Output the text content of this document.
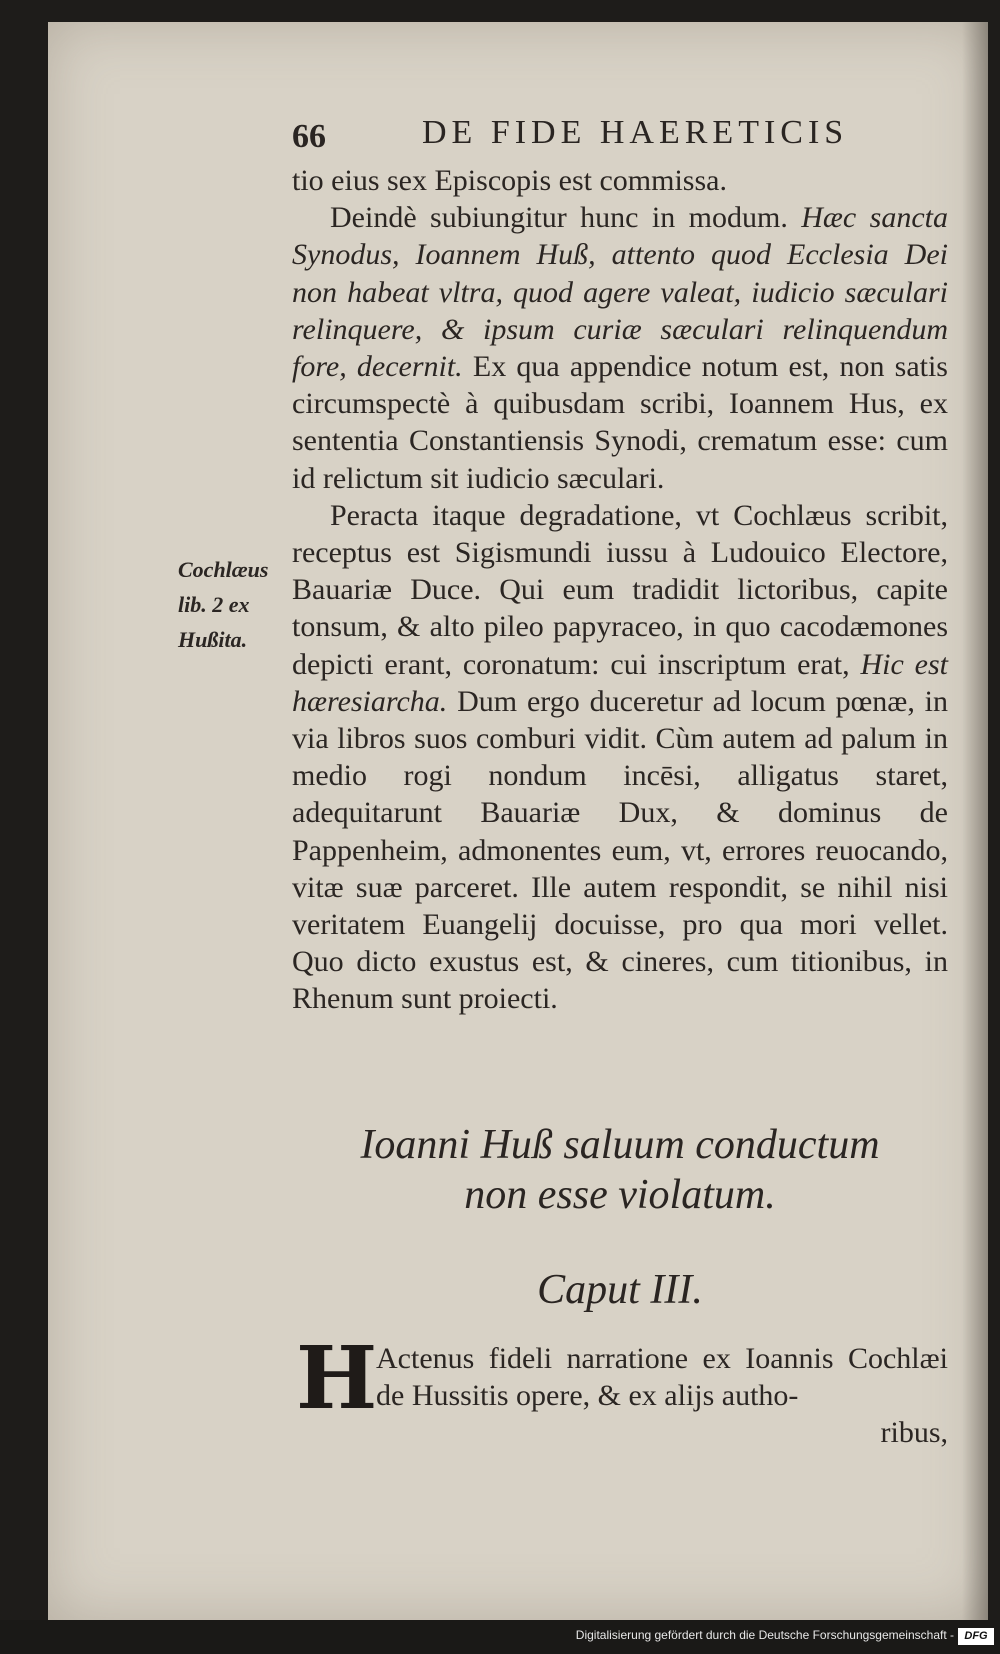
66	DE FIDE HAERETICIS
Cochlæus
lib. 2 ex
Hußita.

tio eius sex Episcopis est commissa.

Deindè subiungitur hunc in modum. Hæc sancta Synodus, Ioannem Huß, attento quod Ecclesia Dei non habeat vltra, quod agere valeat, iudicio sæculari relinquere, & ipsum curiæ sæculari relinquendum fore, decernit. Ex qua appendice notum est, non satis circumspectè à quibusdam scribi, Ioannem Hus, ex sententia Constantiensis Synodi, crematum esse: cum id relictum sit iudicio sæculari.

Peracta itaque degradatione, vt Cochlæus scribit, receptus est Sigismundi iussu à Ludouico Electore, Bauariæ Duce. Qui eum tradidit lictoribus, capite tonsum, & alto pileo papyraceo, in quo cacodæmones depicti erant, coronatum: cui inscriptum erat, Hic est hæresiarcha. Dum ergo duceretur ad locum pœnæ, in via libros suos comburi vidit. Cùm autem ad palum in medio rogi nondum incēsi, alligatus staret, adequitarunt Bauariæ Dux, & dominus de Pappenheim, admonentes eum, vt, errores reuocando, vitæ suæ parceret. Ille autem respondit, se nihil nisi veritatem Euangelij docuisse, pro qua mori vellet. Quo dicto exustus est, & cineres, cum titionibus, in Rhenum sunt proiecti.

Ioanni Huß saluum conductum
non esse violatum.
Caput III.
H
Actenus fideli narratione ex Ioannis Cochlæi de Hussitis opere, & ex alijs autho-
ribus,
Digitalisierung gefördert durch die Deutsche Forschungsgemeinschaft - DFG
